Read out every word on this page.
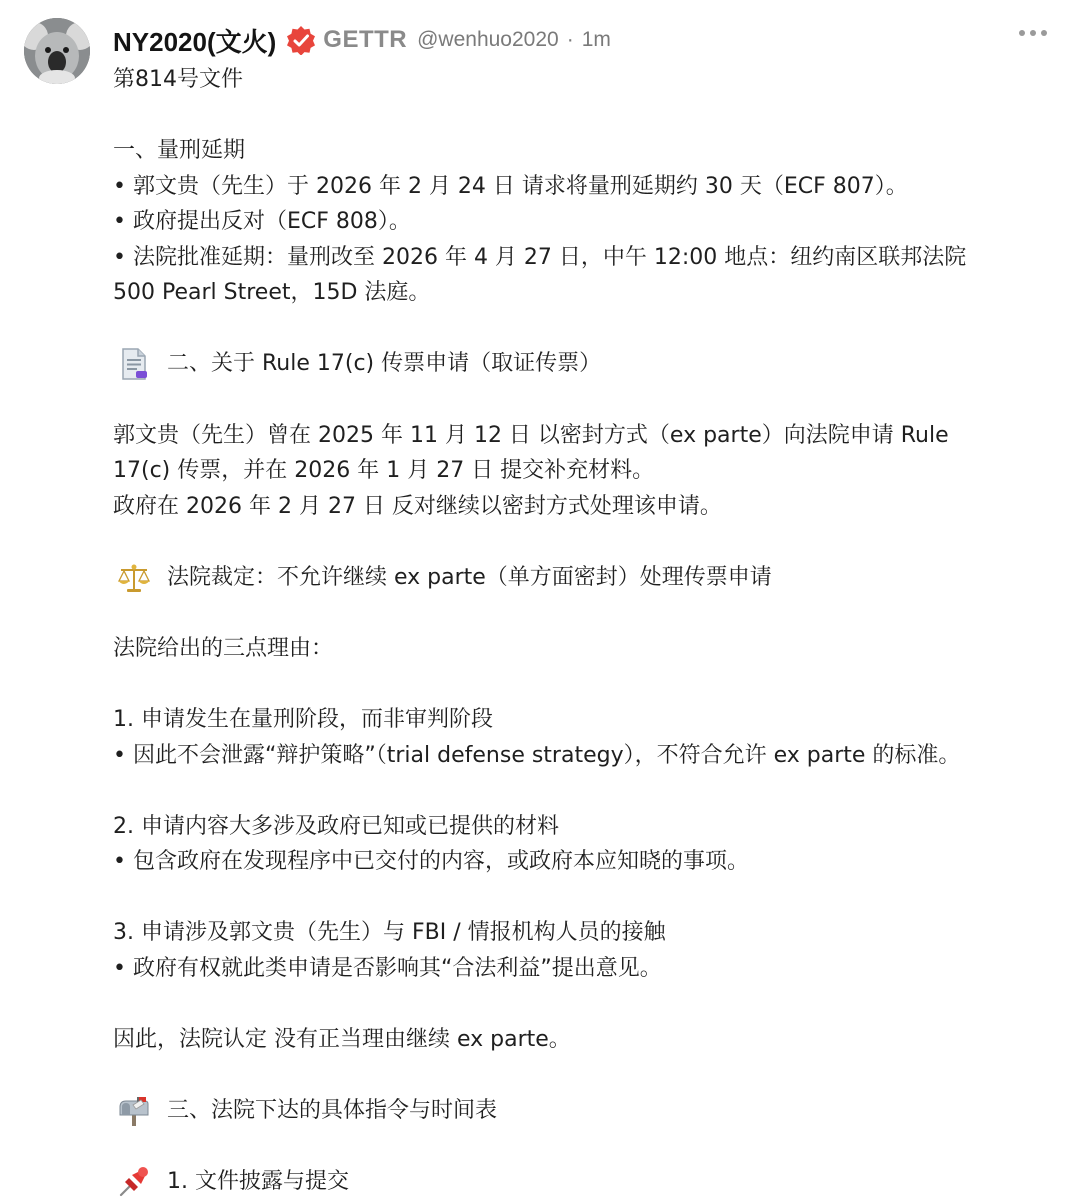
NY2020(文火) GETTR @wenhuo2020 · 1m
第814号文件
一、量刑延期
• 郭文贵（先生）于 2026 年 2 月 24 日 请求将量刑延期约 30 天（ECF 807）。
• 政府提出反对（ECF 808）。
• 法院批准延期：量刑改至 2026 年 4 月 27 日，中午 12:00 地点：纽约南区联邦法院
500 Pearl Street，15D 法庭。
二、关于 Rule 17(c) 传票申请（取证传票）
郭文贵（先生）曾在 2025 年 11 月 12 日 以密封方式（ex parte）向法院申请 Rule
17(c) 传票，并在 2026 年 1 月 27 日 提交补充材料。
政府在 2026 年 2 月 27 日 反对继续以密封方式处理该申请。
法院裁定：不允许继续 ex parte（单方面密封）处理传票申请
法院给出的三点理由：
1. 申请发生在量刑阶段，而非审判阶段
• 因此不会泄露“辩护策略”（trial defense strategy），不符合允许 ex parte 的标准。
2. 申请内容大多涉及政府已知或已提供的材料
• 包含政府在发现程序中已交付的内容，或政府本应知晓的事项。
3. 申请涉及郭文贵（先生）与 FBI / 情报机构人员的接触
• 政府有权就此类申请是否影响其“合法利益”提出意见。
因此，法院认定 没有正当理由继续 ex parte。
三、法院下达的具体指令与时间表
1. 文件披露与提交
